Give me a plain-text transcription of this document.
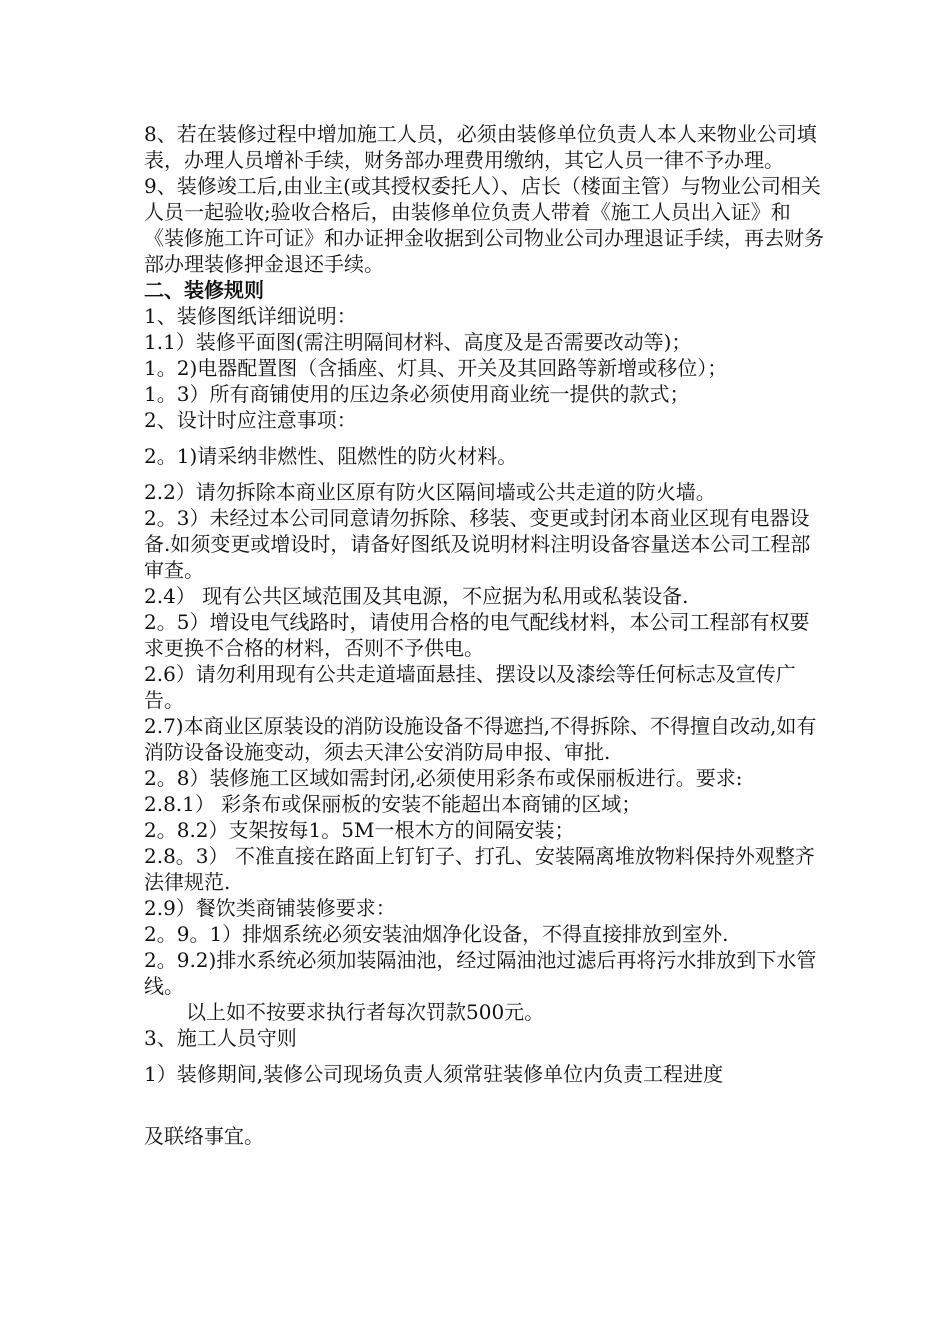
8、若在装修过程中增加施工人员，必须由装修单位负责人本人来物业公司填表，办理人员增补手续，财务部办理费用缴纳，其它人员一律不予办理。

9、装修竣工后,由业主(或其授权委托人）、店长（楼面主管）与物业公司相关人员一起验收;验收合格后，由装修单位负责人带着《施工人员出入证》和《装修施工许可证》和办证押金收据到公司物业公司办理退证手续，再去财务部办理装修押金退还手续。

二、装修规则

1、装修图纸详细说明：

1.1）装修平面图(需注明隔间材料、高度及是否需要改动等)；

1。2)电器配置图（含插座、灯具、开关及其回路等新增或移位）；

1。3）所有商铺使用的压边条必须使用商业统一提供的款式；

2、设计时应注意事项：

2。1)请采纳非燃性、阻燃性的防火材料。

2.2）请勿拆除本商业区原有防火区隔间墙或公共走道的防火墙。

2。3）未经过本公司同意请勿拆除、移装、变更或封闭本商业区现有电器设备.如须变更或增设时，请备好图纸及说明材料注明设备容量送本公司工程部审查。

2.4） 现有公共区域范围及其电源，不应据为私用或私装设备.

2。5）增设电气线路时，请使用合格的电气配线材料，本公司工程部有权要求更换不合格的材料，否则不予供电。

2.6）请勿利用现有公共走道墙面悬挂、摆设以及漆绘等任何标志及宣传广告。

2.7)本商业区原装设的消防设施设备不得遮挡,不得拆除、不得擅自改动,如有消防设备设施变动，须去天津公安消防局申报、审批.

2。8）装修施工区域如需封闭,必须使用彩条布或保丽板进行。要求:

2.8.1） 彩条布或保丽板的安装不能超出本商铺的区域；

2。8.2）支架按每1。5M一根木方的间隔安装；

2.8。3） 不准直接在路面上钉钉子、打孔、安装隔离堆放物料保持外观整齐法律规范.

2.9）餐饮类商铺装修要求：

2。9。1）排烟系统必须安装油烟净化设备，不得直接排放到室外.

2。9.2)排水系统必须加装隔油池，经过隔油池过滤后再将污水排放到下水管线。

以上如不按要求执行者每次罚款500元。

3、施工人员守则

1）装修期间,装修公司现场负责人须常驻装修单位内负责工程进度

及联络事宜。
